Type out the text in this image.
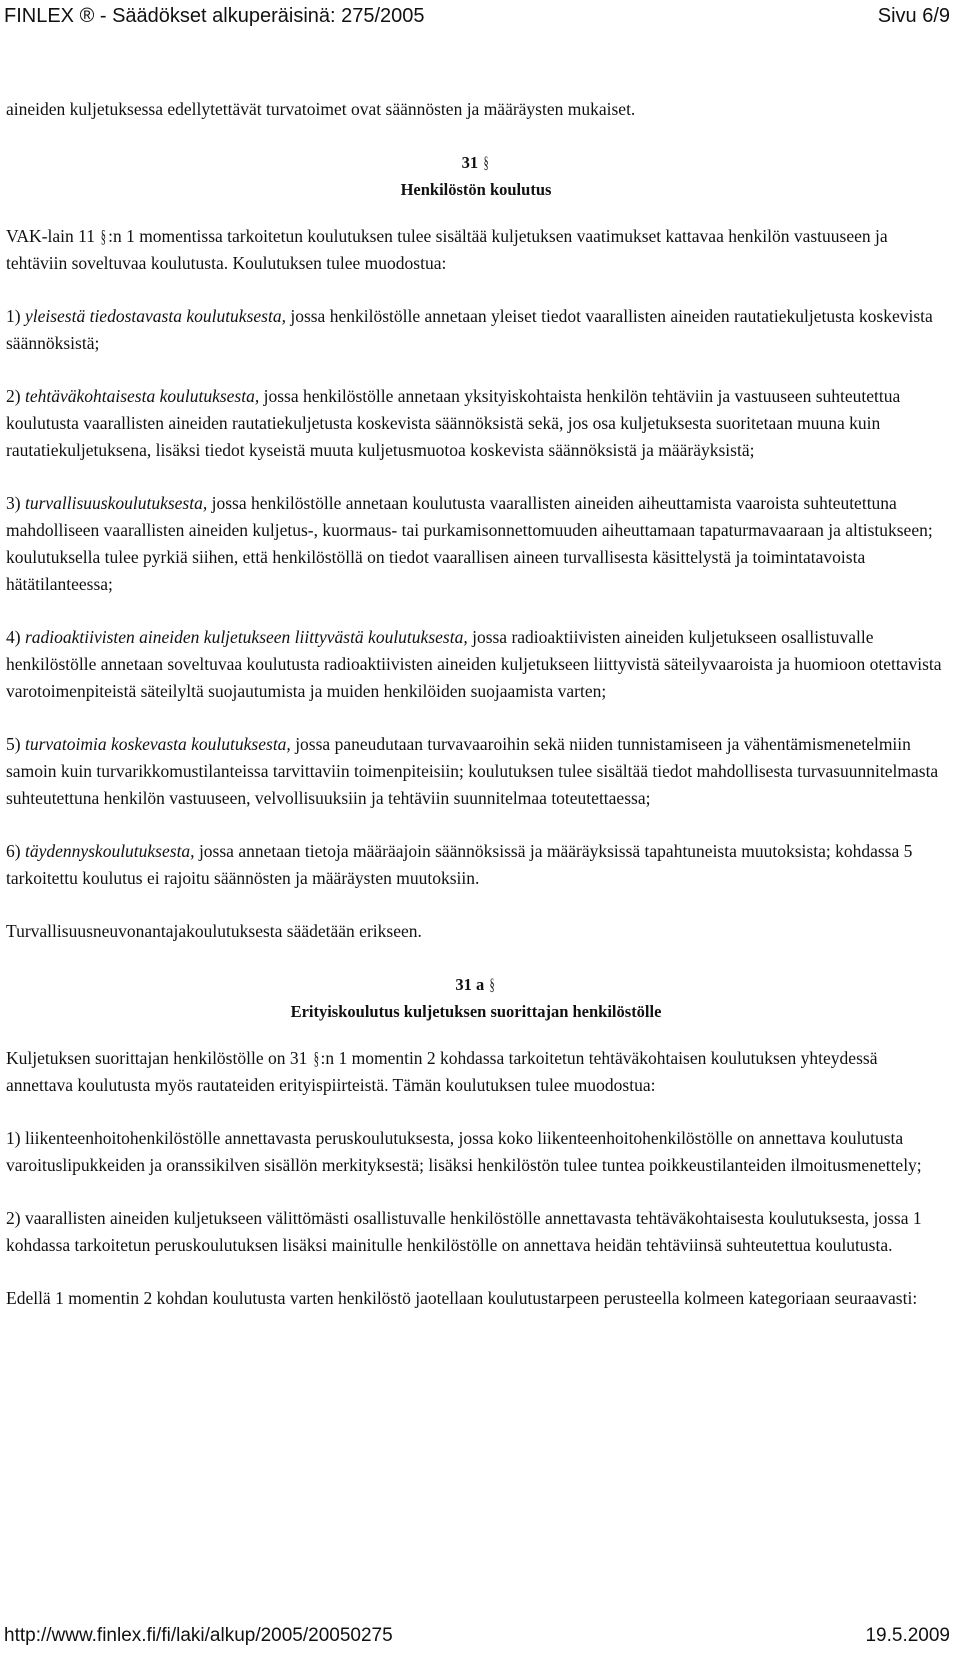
FINLEX ® - Säädökset alkuperäisinä: 275/2005	Sivu 6/9

aineiden kuljetuksessa edellytettävät turvatoimet ovat säännösten ja määräysten mukaiset.

31 §
Henkilöstön koulutus

VAK-lain 11 § :n 1 momentissa tarkoitetun koulutuksen tulee sisältää kuljetuksen vaatimukset kattavaa henkilön vastuuseen ja tehtäviin soveltuvaa koulutusta. Koulutuksen tulee muodostua:

1) yleisestä tiedostavasta koulutuksesta, jossa henkilöstölle annetaan yleiset tiedot vaarallisten aineiden rautatiekuljetusta koskevista säännöksistä;

2) tehtäväkohtaisesta koulutuksesta, jossa henkilöstölle annetaan yksityiskohtaista henkilön tehtäviin ja vastuuseen suhteutettua koulutusta vaarallisten aineiden rautatiekuljetusta koskevista säännöksistä sekä, jos osa kuljetuksesta suoritetaan muuna kuin rautatiekuljetuksena, lisäksi tiedot kyseistä muuta kuljetusmuotoa koskevista säännöksistä ja määräyksistä;

3) turvallisuuskoulutuksesta, jossa henkilöstölle annetaan koulutusta vaarallisten aineiden aiheuttamista vaaroista suhteutettuna mahdolliseen vaarallisten aineiden kuljetus-, kuormaus- tai purkamisonnettomuuden aiheuttamaan tapaturmavaaraan ja altistukseen; koulutuksella tulee pyrkiä siihen, että henkilöstöllä on tiedot vaarallisen aineen turvallisesta käsittelystä ja toimintatavoista hätätilanteessa;

4) radioaktiivisten aineiden kuljetukseen liittyvästä koulutuksesta, jossa radioaktiivisten aineiden kuljetukseen osallistuvalle henkilöstölle annetaan soveltuvaa koulutusta radioaktiivisten aineiden kuljetukseen liittyvistä säteilyvaaroista ja huomioon otettavista varotoimenpiteistä säteilyltä suojautumista ja muiden henkilöiden suojaamista varten;

5) turvatoimia koskevasta koulutuksesta, jossa paneudutaan turvavaaroihin sekä niiden tunnistamiseen ja vähentämismenetelmiin samoin kuin turvarikkomustilanteissa tarvittaviin toimenpiteisiin; koulutuksen tulee sisältää tiedot mahdollisesta turvasuunnitelmasta suhteutettuna henkilön vastuuseen, velvollisuuksiin ja tehtäviin suunnitelmaa toteutettaessa;

6) täydennyskoulutuksesta, jossa annetaan tietoja määräajoin säännöksissä ja määräyksissä tapahtuneista muutoksista; kohdassa 5 tarkoitettu koulutus ei rajoitu säännösten ja määräysten muutoksiin.

Turvallisuusneuvonantajakoulutuksesta säädetään erikseen.

31 a §
Erityiskoulutus kuljetuksen suorittajan henkilöstölle

Kuljetuksen suorittajan henkilöstölle on 31 § :n 1 momentin 2 kohdassa tarkoitetun tehtäväkohtaisen koulutuksen yhteydessä annettava koulutusta myös rautateiden erityispiirteistä. Tämän koulutuksen tulee muodostua:

1) liikenteenhoitohenkilöstölle annettavasta peruskoulutuksesta, jossa koko liikenteenhoitohenkilöstölle on annettava koulutusta varoituslipukkeiden ja oranssikilven sisällön merkityksestä; lisäksi henkilöstön tulee tuntea poikkeustilanteiden ilmoitusmenettely;

2) vaarallisten aineiden kuljetukseen välittömästi osallistuvalle henkilöstölle annettavasta tehtäväkohtaisesta koulutuksesta, jossa 1 kohdassa tarkoitetun peruskoulutuksen lisäksi mainitulle henkilöstölle on annettava heidän tehtäviinsä suhteutettua koulutusta.

Edellä 1 momentin 2 kohdan koulutusta varten henkilöstö jaotellaan koulutustarpeen perusteella kolmeen kategoriaan seuraavasti:

http://www.finlex.fi/fi/laki/alkup/2005/20050275	19.5.2009
